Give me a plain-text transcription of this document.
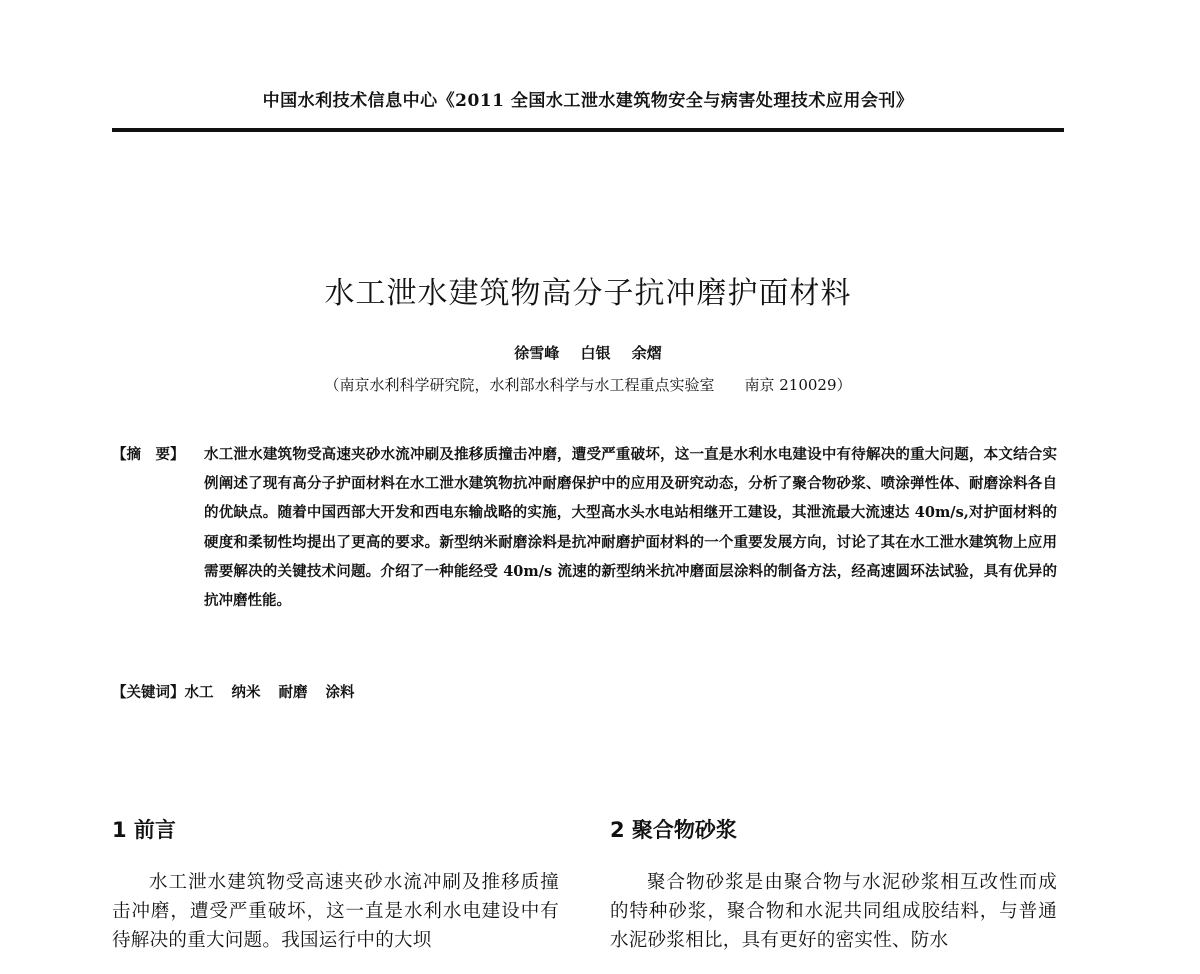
中国水利技术信息中心《2011 全国水工泄水建筑物安全与病害处理技术应用会刊》
水工泄水建筑物高分子抗冲磨护面材料
徐雪峰 白银 余熠
（南京水利科学研究院，水利部水科学与水工程重点实验室　　南京 210029）
【摘　要】 水工泄水建筑物受高速夹砂水流冲刷及推移质撞击冲磨，遭受严重破坏，这一直是水利水电建设中有待解决的重大问题，本文结合实例阐述了现有高分子护面材料在水工泄水建筑物抗冲耐磨保护中的应用及研究动态，分析了聚合物砂浆、喷涂弹性体、耐磨涂料各自的优缺点。随着中国西部大开发和西电东输战略的实施，大型高水头水电站相继开工建设，其泄流最大流速达 40m/s,对护面材料的硬度和柔韧性均提出了更高的要求。新型纳米耐磨涂料是抗冲耐磨护面材料的一个重要发展方向，讨论了其在水工泄水建筑物上应用需要解决的关键技术问题。介绍了一种能经受 40m/s 流速的新型纳米抗冲磨面层涂料的制备方法，经高速圆环法试验，具有优异的抗冲磨性能。
【关键词】水工 纳米 耐磨 涂料
1 前言

水工泄水建筑物受高速夹砂水流冲刷及推移质撞击冲磨，遭受严重破坏，这一直是水利水电建设中有待解决的重大问题。我国运行中的大坝

2 聚合物砂浆

聚合物砂浆是由聚合物与水泥砂浆相互改性而成的特种砂浆，聚合物和水泥共同组成胶结料，与普通水泥砂浆相比，具有更好的密实性、防水
